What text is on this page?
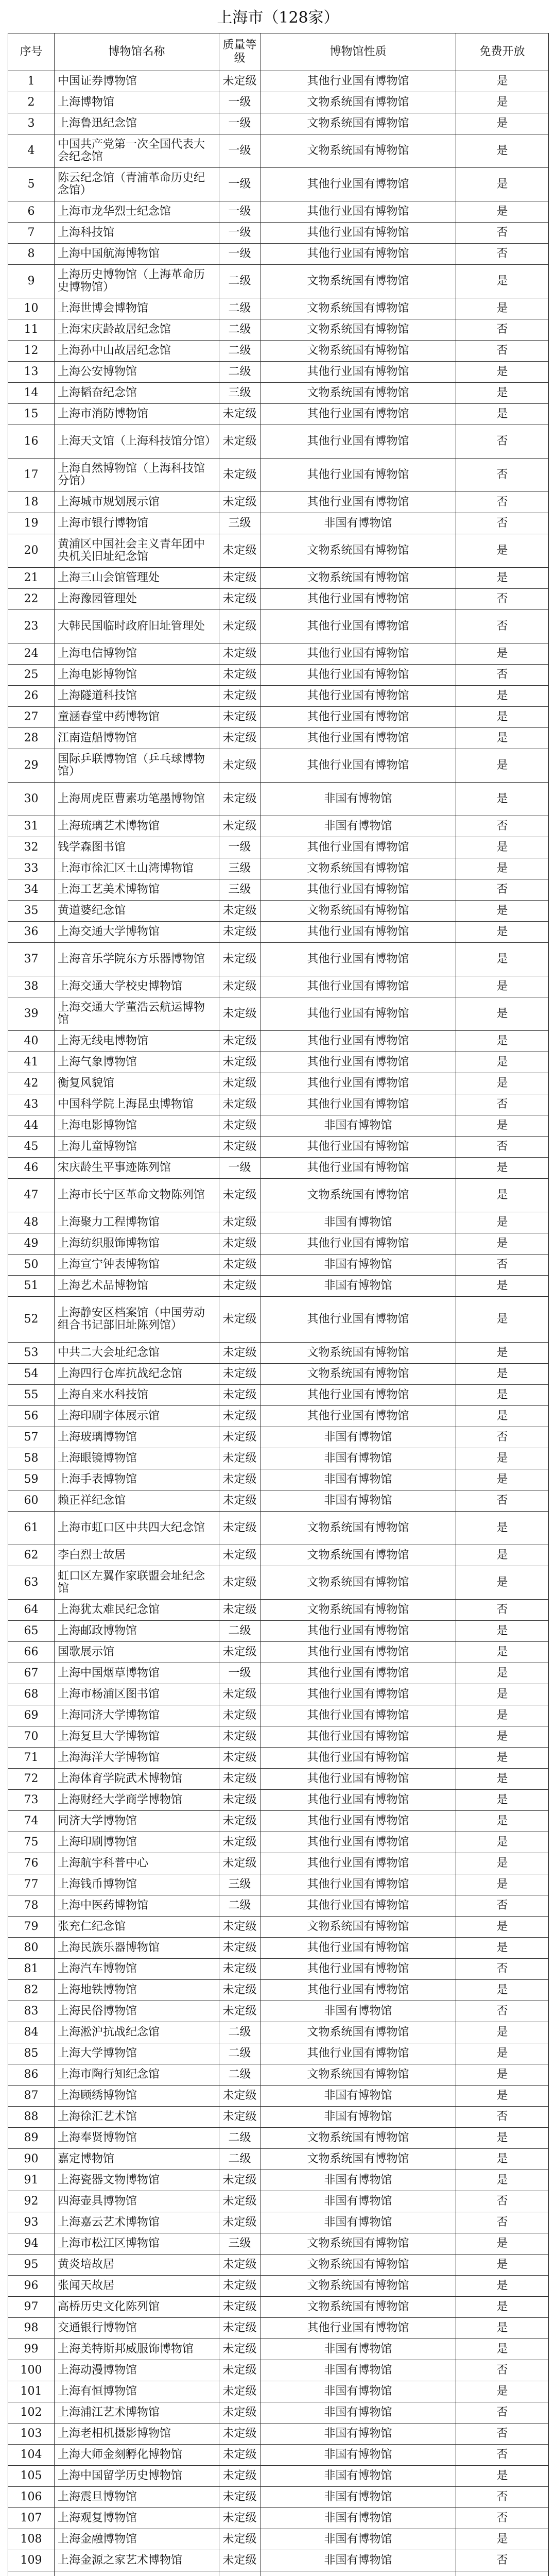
上海市（128家）
序号	博物馆名称	质量等级	博物馆性质	免费开放
1	中国证券博物馆	未定级	其他行业国有博物馆	是
2	上海博物馆	一级	文物系统国有博物馆	是
3	上海鲁迅纪念馆	一级	文物系统国有博物馆	是
4	中国共产党第一次全国代表大会纪念馆	一级	文物系统国有博物馆	是
5	陈云纪念馆（青浦革命历史纪念馆）	一级	其他行业国有博物馆	是
6	上海市龙华烈士纪念馆	一级	其他行业国有博物馆	是
7	上海科技馆	一级	其他行业国有博物馆	否
8	上海中国航海博物馆	一级	其他行业国有博物馆	否
9	上海历史博物馆（上海革命历史博物馆）	二级	文物系统国有博物馆	是
10	上海世博会博物馆	二级	文物系统国有博物馆	是
11	上海宋庆龄故居纪念馆	二级	文物系统国有博物馆	否
12	上海孙中山故居纪念馆	二级	文物系统国有博物馆	否
13	上海公安博物馆	二级	其他行业国有博物馆	是
14	上海韬奋纪念馆	三级	文物系统国有博物馆	是
15	上海市消防博物馆	未定级	其他行业国有博物馆	是
16	上海天文馆（上海科技馆分馆）	未定级	其他行业国有博物馆	否
17	上海自然博物馆（上海科技馆分馆）	未定级	其他行业国有博物馆	否
18	上海城市规划展示馆	未定级	其他行业国有博物馆	否
19	上海市银行博物馆	三级	非国有博物馆	否
20	黄浦区中国社会主义青年团中央机关旧址纪念馆	未定级	文物系统国有博物馆	是
21	上海三山会馆管理处	未定级	文物系统国有博物馆	是
22	上海豫园管理处	未定级	其他行业国有博物馆	否
23	大韩民国临时政府旧址管理处	未定级	其他行业国有博物馆	否
24	上海电信博物馆	未定级	其他行业国有博物馆	是
25	上海电影博物馆	未定级	其他行业国有博物馆	否
26	上海隧道科技馆	未定级	其他行业国有博物馆	是
27	童涵春堂中药博物馆	未定级	其他行业国有博物馆	是
28	江南造船博物馆	未定级	其他行业国有博物馆	是
29	国际乒联博物馆（乒乓球博物馆）	未定级	其他行业国有博物馆	是
30	上海周虎臣曹素功笔墨博物馆	未定级	非国有博物馆	是
31	上海琉璃艺术博物馆	未定级	非国有博物馆	否
32	钱学森图书馆	一级	其他行业国有博物馆	是
33	上海市徐汇区土山湾博物馆	三级	文物系统国有博物馆	是
34	上海工艺美术博物馆	三级	其他行业国有博物馆	否
35	黄道婆纪念馆	未定级	文物系统国有博物馆	是
36	上海交通大学博物馆	未定级	其他行业国有博物馆	是
37	上海音乐学院东方乐器博物馆	未定级	其他行业国有博物馆	是
38	上海交通大学校史博物馆	未定级	其他行业国有博物馆	是
39	上海交通大学董浩云航运博物馆	未定级	其他行业国有博物馆	是
40	上海无线电博物馆	未定级	其他行业国有博物馆	是
41	上海气象博物馆	未定级	其他行业国有博物馆	是
42	衡复风貌馆	未定级	其他行业国有博物馆	是
43	中国科学院上海昆虫博物馆	未定级	其他行业国有博物馆	否
44	上海电影博物馆	未定级	非国有博物馆	是
45	上海儿童博物馆	未定级	其他行业国有博物馆	否
46	宋庆龄生平事迹陈列馆	一级	其他行业国有博物馆	是
47	上海市长宁区革命文物陈列馆	未定级	文物系统国有博物馆	是
48	上海聚力工程博物馆	未定级	非国有博物馆	是
49	上海纺织服饰博物馆	未定级	其他行业国有博物馆	是
50	上海宣宁钟表博物馆	未定级	非国有博物馆	否
51	上海艺术品博物馆	未定级	非国有博物馆	是
52	上海静安区档案馆（中国劳动组合书记部旧址陈列馆）	未定级	其他行业国有博物馆	是
53	中共二大会址纪念馆	未定级	文物系统国有博物馆	是
54	上海四行仓库抗战纪念馆	未定级	文物系统国有博物馆	是
55	上海自来水科技馆	未定级	其他行业国有博物馆	是
56	上海印刷字体展示馆	未定级	其他行业国有博物馆	是
57	上海玻璃博物馆	未定级	非国有博物馆	否
58	上海眼镜博物馆	未定级	非国有博物馆	是
59	上海手表博物馆	未定级	非国有博物馆	是
60	赖正祥纪念馆	未定级	非国有博物馆	否
61	上海市虹口区中共四大纪念馆	未定级	文物系统国有博物馆	是
62	李白烈士故居	未定级	文物系统国有博物馆	是
63	虹口区左翼作家联盟会址纪念馆	未定级	文物系统国有博物馆	是
64	上海犹太难民纪念馆	未定级	文物系统国有博物馆	否
65	上海邮政博物馆	二级	其他行业国有博物馆	是
66	国歌展示馆	未定级	其他行业国有博物馆	是
67	上海中国烟草博物馆	一级	其他行业国有博物馆	是
68	上海市杨浦区图书馆	未定级	其他行业国有博物馆	是
69	上海同济大学博物馆	未定级	其他行业国有博物馆	是
70	上海复旦大学博物馆	未定级	其他行业国有博物馆	是
71	上海海洋大学博物馆	未定级	其他行业国有博物馆	是
72	上海体育学院武术博物馆	未定级	其他行业国有博物馆	是
73	上海财经大学商学博物馆	未定级	其他行业国有博物馆	是
74	同济大学博物馆	未定级	其他行业国有博物馆	是
75	上海印刷博物馆	未定级	其他行业国有博物馆	是
76	上海航宇科普中心	未定级	其他行业国有博物馆	是
77	上海钱币博物馆	三级	其他行业国有博物馆	是
78	上海中医药博物馆	二级	其他行业国有博物馆	否
79	张充仁纪念馆	未定级	文物系统国有博物馆	是
80	上海民族乐器博物馆	未定级	其他行业国有博物馆	是
81	上海汽车博物馆	未定级	其他行业国有博物馆	否
82	上海地铁博物馆	未定级	其他行业国有博物馆	是
83	上海民俗博物馆	未定级	非国有博物馆	否
84	上海淞沪抗战纪念馆	二级	文物系统国有博物馆	是
85	上海大学博物馆	二级	其他行业国有博物馆	是
86	上海市陶行知纪念馆	二级	文物系统国有博物馆	是
87	上海顾绣博物馆	未定级	非国有博物馆	是
88	上海徐汇艺术馆	未定级	非国有博物馆	否
89	上海奉贤博物馆	二级	文物系统国有博物馆	是
90	嘉定博物馆	二级	文物系统国有博物馆	是
91	上海瓷器文物博物馆	未定级	非国有博物馆	是
92	四海壶具博物馆	未定级	非国有博物馆	否
93	上海嘉云艺术博物馆	未定级	非国有博物馆	否
94	上海市松江区博物馆	三级	文物系统国有博物馆	是
95	黄炎培故居	未定级	文物系统国有博物馆	是
96	张闻天故居	未定级	文物系统国有博物馆	是
97	高桥历史文化陈列馆	未定级	文物系统国有博物馆	是
98	交通银行博物馆	未定级	其他行业国有博物馆	是
99	上海美特斯邦威服饰博物馆	未定级	非国有博物馆	是
100	上海动漫博物馆	未定级	非国有博物馆	否
101	上海有恒博物馆	未定级	非国有博物馆	是
102	上海浦江艺术博物馆	未定级	非国有博物馆	否
103	上海老相机摄影博物馆	未定级	非国有博物馆	否
104	上海大师金刻孵化博物馆	未定级	非国有博物馆	否
105	上海中国留学历史博物馆	未定级	非国有博物馆	是
106	上海震旦博物馆	未定级	非国有博物馆	否
107	上海观复博物馆	未定级	非国有博物馆	否
108	上海金融博物馆	未定级	非国有博物馆	是
109	上海金源之家艺术博物馆	未定级	非国有博物馆	否
